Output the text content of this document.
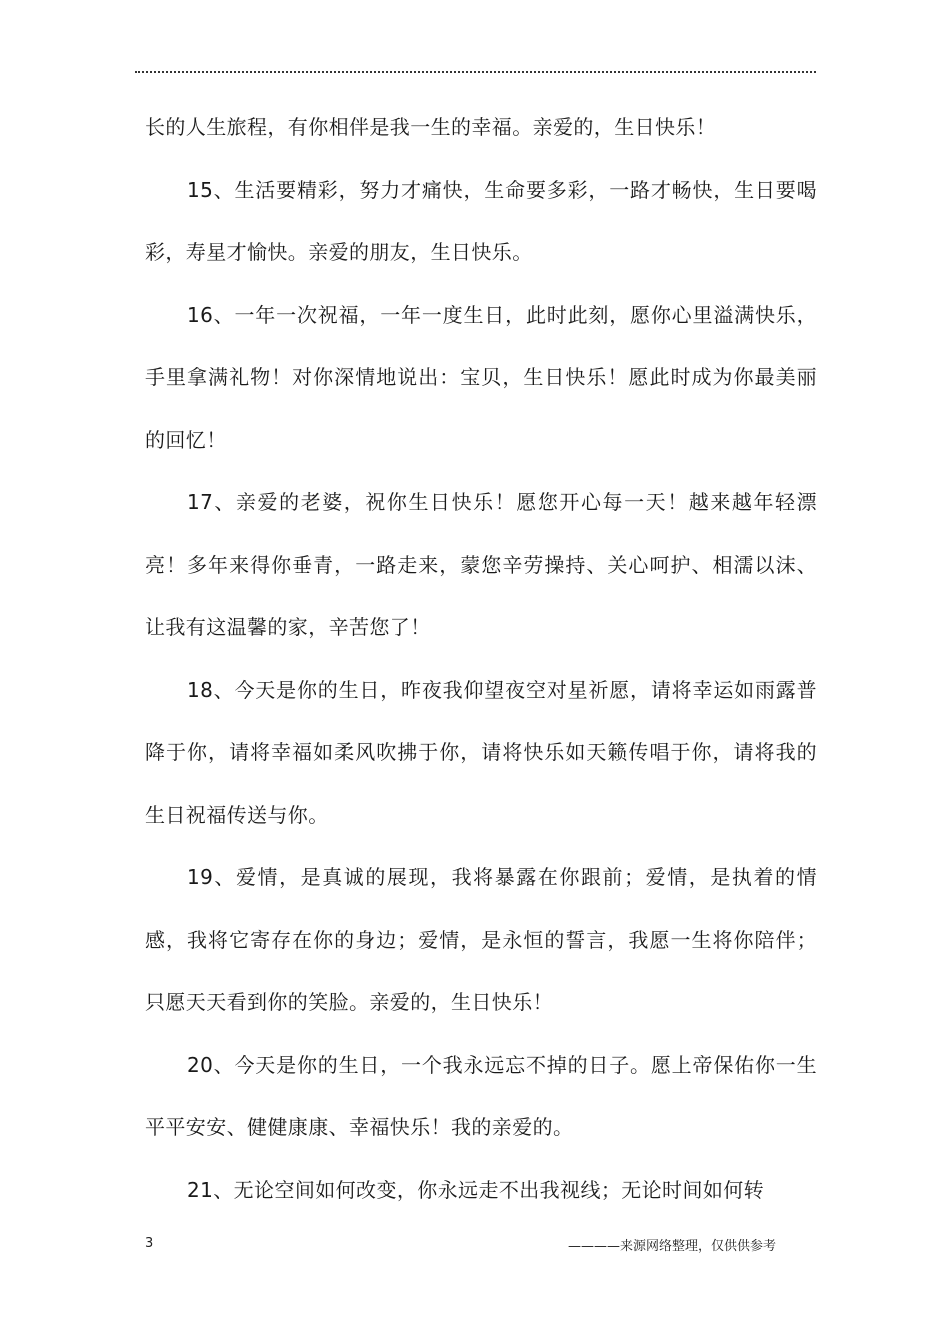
长的人生旅程，有你相伴是我一生的幸福。亲爱的，生日快乐！

15、生活要精彩，努力才痛快，生命要多彩，一路才畅快，生日要喝彩，寿星才愉快。亲爱的朋友，生日快乐。

16、一年一次祝福，一年一度生日，此时此刻，愿你心里溢满快乐，手里拿满礼物！对你深情地说出：宝贝，生日快乐！愿此时成为你最美丽的回忆！

17、亲爱的老婆，祝你生日快乐！愿您开心每一天！越来越年轻漂亮！多年来得你垂青，一路走来，蒙您辛劳操持、关心呵护、相濡以沫、让我有这温馨的家，辛苦您了！

18、今天是你的生日，昨夜我仰望夜空对星祈愿，请将幸运如雨露普降于你，请将幸福如柔风吹拂于你，请将快乐如天籁传唱于你，请将我的生日祝福传送与你。

19、爱情，是真诚的展现，我将暴露在你跟前；爱情，是执着的情感，我将它寄存在你的身边；爱情，是永恒的誓言，我愿一生将你陪伴；只愿天天看到你的笑脸。亲爱的，生日快乐！

20、今天是你的生日，一个我永远忘不掉的日子。愿上帝保佑你一生平平安安、健健康康、幸福快乐！我的亲爱的。

21、无论空间如何改变，你永远走不出我视线；无论时间如何转

3	————来源网络整理，仅供供参考
